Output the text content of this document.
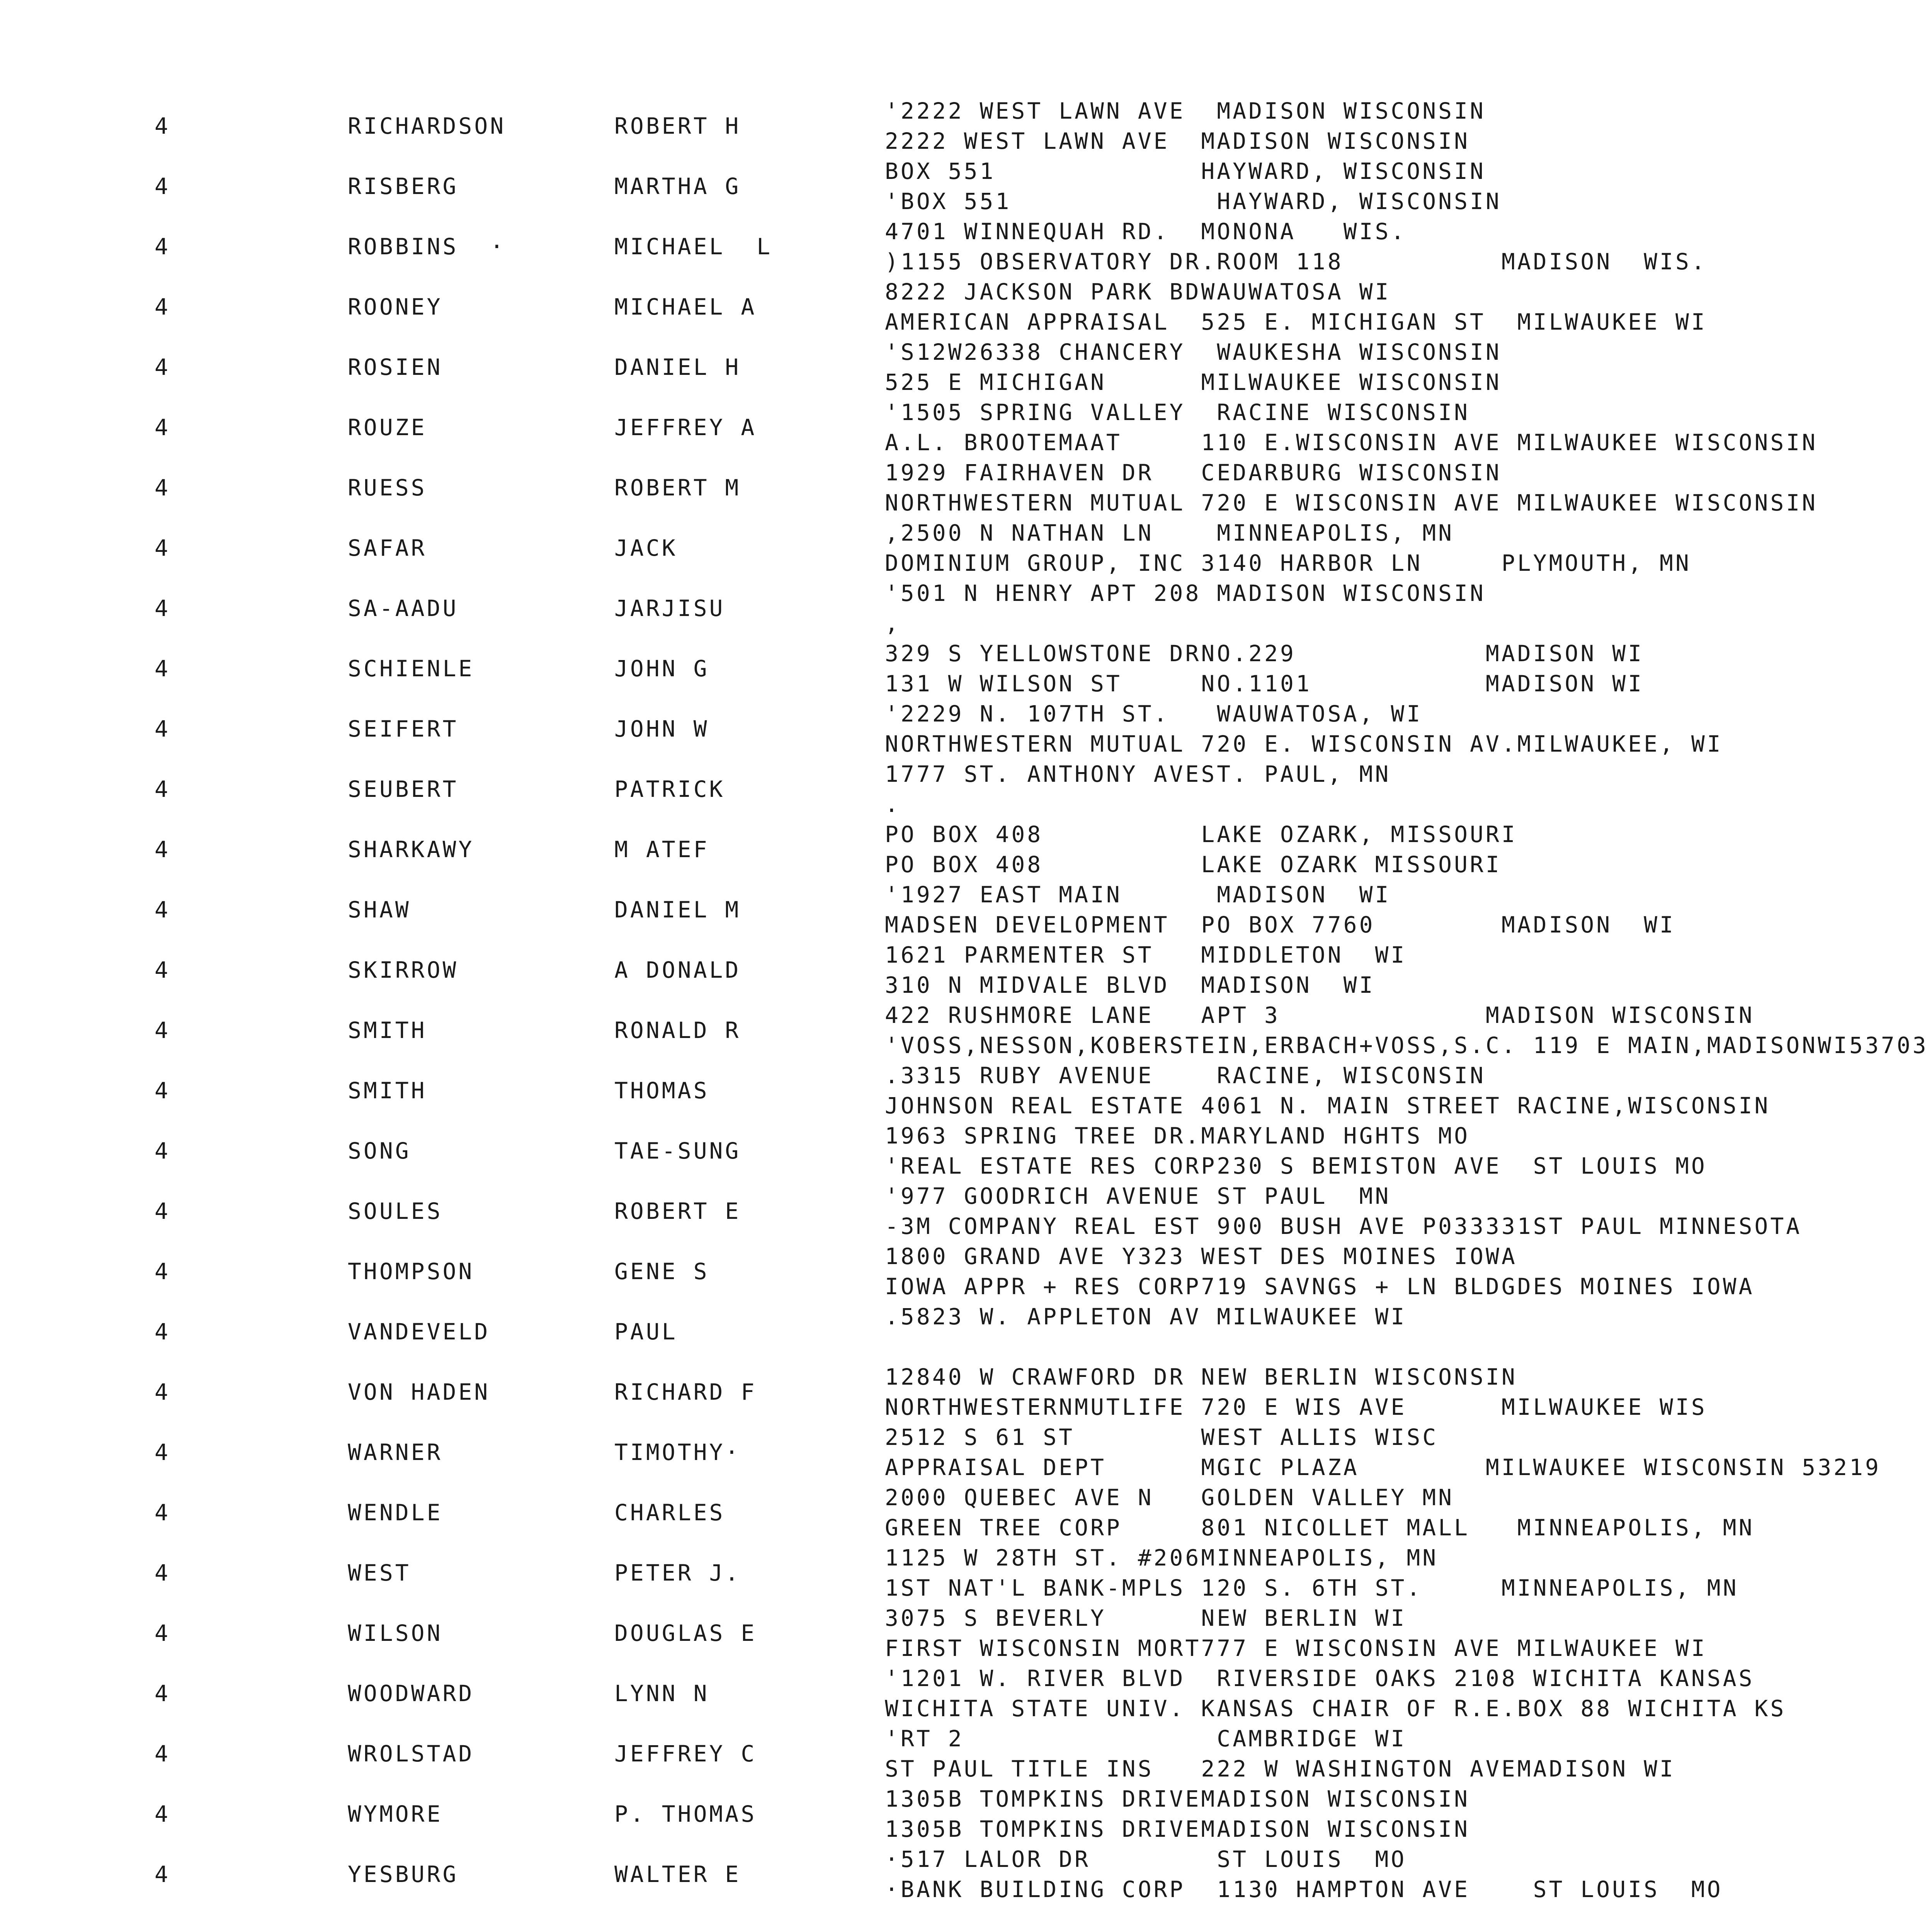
4	RICHARDSON	ROBERT H
'2222 WEST LAWN AVE  MADISON WISCONSIN
2222 WEST LAWN AVE  MADISON WISCONSIN
4	RISBERG	MARTHA G
BOX 551             HAYWARD, WISCONSIN
'BOX 551             HAYWARD, WISCONSIN
4	ROBBINS  ·	MICHAEL  L
4701 WINNEQUAH RD.  MONONA   WIS.
)1155 OBSERVATORY DR.ROOM 118          MADISON  WIS.
4	ROONEY	MICHAEL A
8222 JACKSON PARK BDWAUWATOSA WI
AMERICAN APPRAISAL  525 E. MICHIGAN ST  MILWAUKEE WI
4	ROSIEN	DANIEL H
'S12W26338 CHANCERY  WAUKESHA WISCONSIN
525 E MICHIGAN      MILWAUKEE WISCONSIN
4	ROUZE	JEFFREY A
'1505 SPRING VALLEY  RACINE WISCONSIN
A.L. BROOTEMAAT     110 E.WISCONSIN AVE MILWAUKEE WISCONSIN
4	RUESS	ROBERT M
1929 FAIRHAVEN DR   CEDARBURG WISCONSIN
NORTHWESTERN MUTUAL 720 E WISCONSIN AVE MILWAUKEE WISCONSIN
4	SAFAR	JACK
,2500 N NATHAN LN    MINNEAPOLIS, MN
DOMINIUM GROUP, INC 3140 HARBOR LN     PLYMOUTH, MN
4	SA-AADU	JARJISU
'501 N HENRY APT 208 MADISON WISCONSIN
,
4	SCHIENLE	JOHN G
329 S YELLOWSTONE DRNO.229            MADISON WI
131 W WILSON ST     NO.1101           MADISON WI
4	SEIFERT	JOHN W
'2229 N. 107TH ST.   WAUWATOSA, WI
NORTHWESTERN MUTUAL 720 E. WISCONSIN AV.MILWAUKEE, WI
4	SEUBERT	PATRICK
1777 ST. ANTHONY AVEST. PAUL, MN
.
4	SHARKAWY	M ATEF
PO BOX 408          LAKE OZARK, MISSOURI
PO BOX 408          LAKE OZARK MISSOURI
4	SHAW	DANIEL M
'1927 EAST MAIN      MADISON  WI
MADSEN DEVELOPMENT  PO BOX 7760        MADISON  WI
4	SKIRROW	A DONALD
1621 PARMENTER ST   MIDDLETON  WI
310 N MIDVALE BLVD  MADISON  WI
4	SMITH	RONALD R
422 RUSHMORE LANE   APT 3             MADISON WISCONSIN
'VOSS,NESSON,KOBERSTEIN,ERBACH+VOSS,S.C. 119 E MAIN,MADISONWI53703
4	SMITH	THOMAS
.3315 RUBY AVENUE    RACINE, WISCONSIN
JOHNSON REAL ESTATE 4061 N. MAIN STREET RACINE,WISCONSIN
4	SONG	TAE-SUNG
1963 SPRING TREE DR.MARYLAND HGHTS MO
'REAL ESTATE RES CORP230 S BEMISTON AVE  ST LOUIS MO
4	SOULES	ROBERT E
'977 GOODRICH AVENUE ST PAUL  MN
-3M COMPANY REAL EST 900 BUSH AVE P033331ST PAUL MINNESOTA
4	THOMPSON	GENE S
1800 GRAND AVE Y323 WEST DES MOINES IOWA
IOWA APPR + RES CORP719 SAVNGS + LN BLDGDES MOINES IOWA
4	VANDEVELD	PAUL
.5823 W. APPLETON AV MILWAUKEE WI
4	VON HADEN	RICHARD F
12840 W CRAWFORD DR NEW BERLIN WISCONSIN
NORTHWESTERNMUTLIFE 720 E WIS AVE      MILWAUKEE WIS
4	WARNER	TIMOTHY·
2512 S 61 ST        WEST ALLIS WISC
APPRAISAL DEPT      MGIC PLAZA        MILWAUKEE WISCONSIN 53219
4	WENDLE	CHARLES
2000 QUEBEC AVE N   GOLDEN VALLEY MN
GREEN TREE CORP     801 NICOLLET MALL   MINNEAPOLIS, MN
4	WEST	PETER J.
1125 W 28TH ST. #206MINNEAPOLIS, MN
1ST NAT'L BANK-MPLS 120 S. 6TH ST.     MINNEAPOLIS, MN
4	WILSON	DOUGLAS E
3075 S BEVERLY      NEW BERLIN WI
FIRST WISCONSIN MORT777 E WISCONSIN AVE MILWAUKEE WI
4	WOODWARD	LYNN N
'1201 W. RIVER BLVD  RIVERSIDE OAKS 2108 WICHITA KANSAS
WICHITA STATE UNIV. KANSAS CHAIR OF R.E.BOX 88 WICHITA KS
4	WROLSTAD	JEFFREY C
'RT 2                CAMBRIDGE WI
ST PAUL TITLE INS   222 W WASHINGTON AVEMADISON WI
4	WYMORE	P. THOMAS
1305B TOMPKINS DRIVEMADISON WISCONSIN
1305B TOMPKINS DRIVEMADISON WISCONSIN
4	YESBURG	WALTER E
·517 LALOR DR        ST LOUIS  MO
·BANK BUILDING CORP  1130 HAMPTON AVE    ST LOUIS  MO
